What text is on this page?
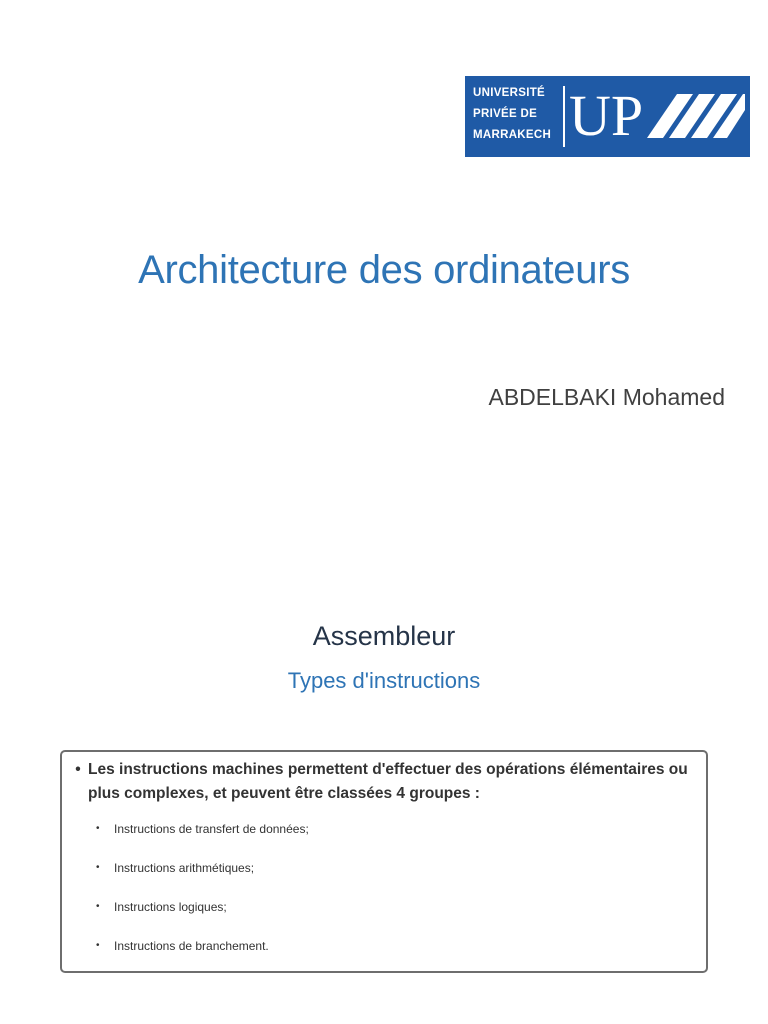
UNIVERSITÉ
PRIVÉE DE
MARRAKECH UP
Architecture des ordinateurs
ABDELBAKI Mohamed
Assembleur
Types d'instructions
• Les instructions machines permettent d'effectuer des opérations élémentaires ou plus complexes, et peuvent être classées 4 groupes :
•	Instructions de transfert de données;
•	Instructions arithmétiques;
•	Instructions logiques;
•	Instructions de branchement.
